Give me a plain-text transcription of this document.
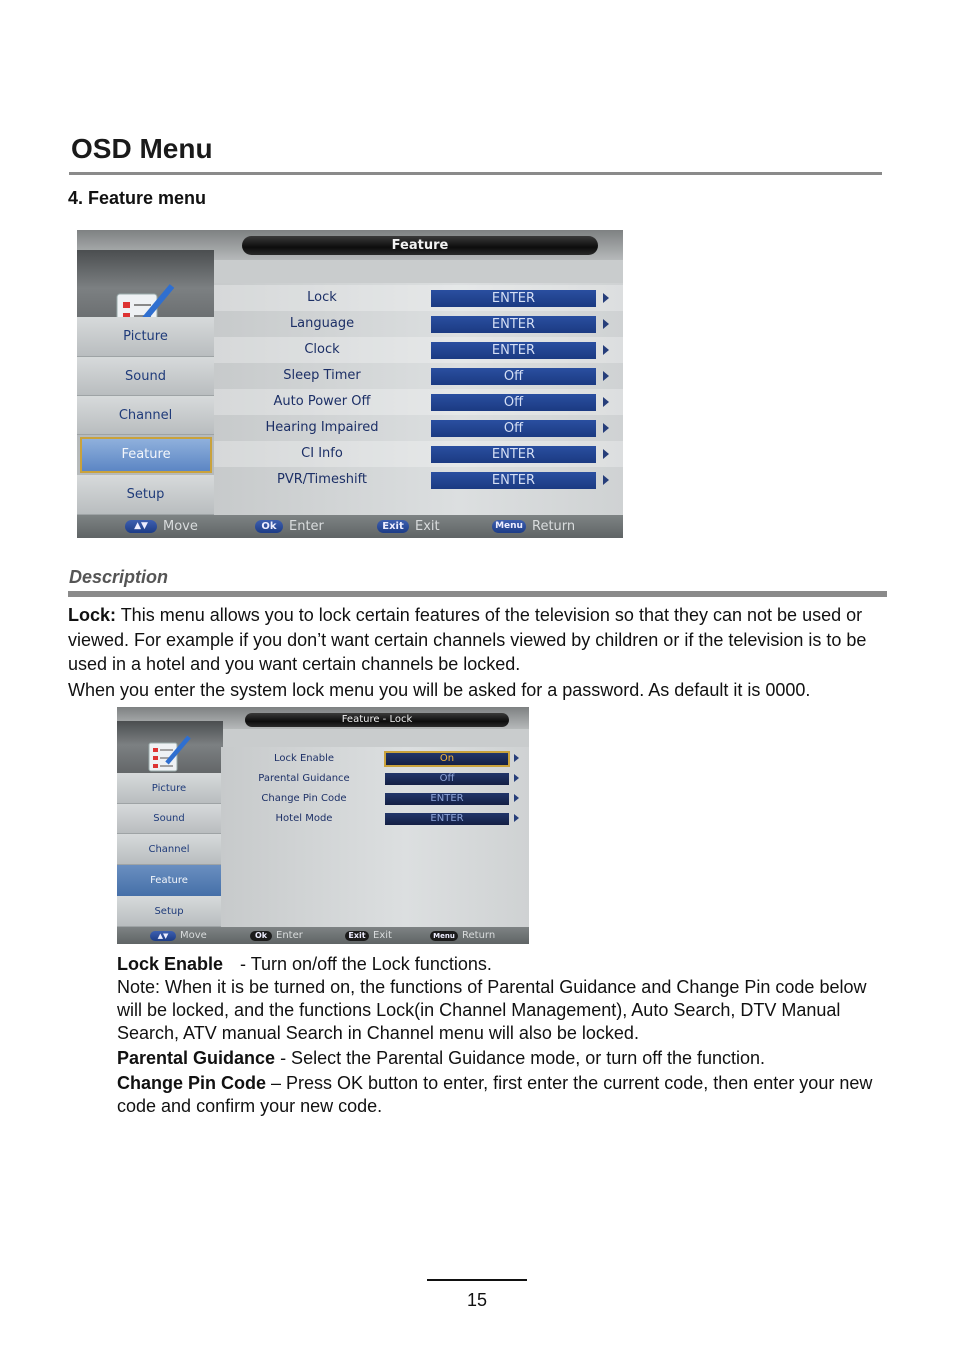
OSD Menu
4. Feature menu
Feature
Picture
Sound
Channel
Feature
Setup
Lock	ENTER
Language	ENTER
Clock	ENTER
Sleep Timer	Off
Auto Power Off	Off
Hearing Impaired	Off
CI Info	ENTER
PVR/Timeshift	ENTER
▲▼	Move	Ok Enter	Exit Exit	Menu Return
Description
Lock: This menu allows you to lock certain features of the television so that they can not be used or viewed. For example if you don’t want certain channels viewed by children or if the television is to be used in a hotel and you want certain channels be locked.
When you enter the system lock menu you will be asked for a password. As default it is 0000.
Feature - Lock
Picture
Sound
Channel
Feature
Setup
Lock Enable	On
Parental Guidance	Off
Change Pin Code	ENTER
Hotel Mode	ENTER
▲▼	Move	Ok Enter	Exit Exit	Menu Return
Lock Enable - Turn on/off the Lock functions.
Note: When it is be turned on, the functions of Parental Guidance and Change Pin code below will be locked, and the functions Lock(in Channel Management), Auto Search, DTV Manual Search, ATV manual Search in Channel menu will also be locked.
Parental Guidance - Select the Parental Guidance mode, or turn off the function.
Change Pin Code – Press OK button to enter, first enter the current code, then enter your new code and confirm your new code.
15
